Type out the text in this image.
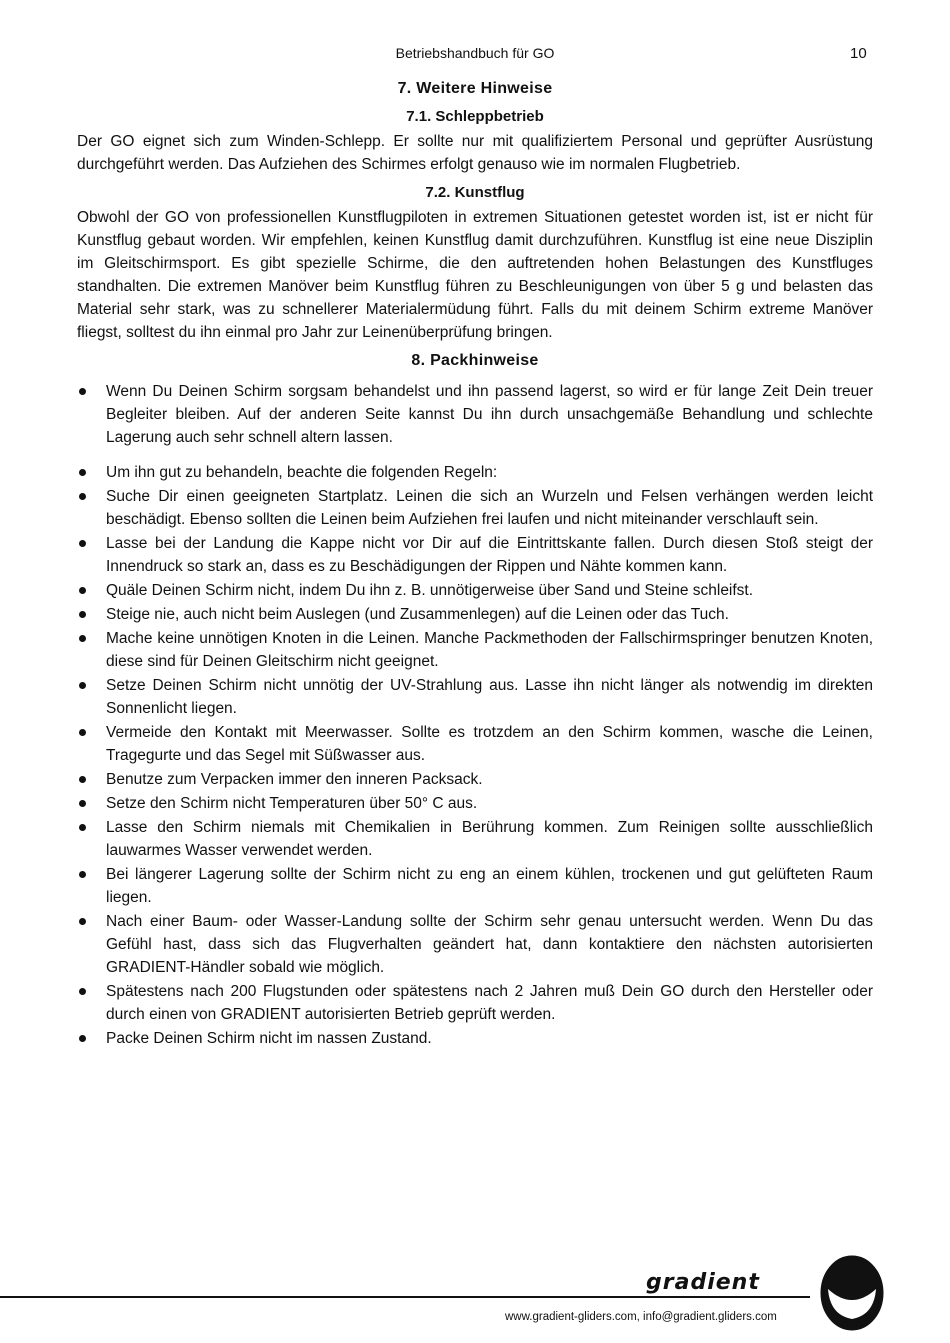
Betriebshandbuch für GO	10
7. Weitere Hinweise
7.1. Schleppbetrieb

Der GO eignet sich zum Winden-Schlepp. Er sollte nur mit qualifiziertem Personal und geprüfter Ausrüstung durchgeführt werden. Das Aufziehen des Schirmes erfolgt genauso wie im normalen Flugbetrieb.

7.2. Kunstflug

Obwohl der GO von professionellen Kunstflugpiloten in extremen Situationen getestet worden ist, ist er nicht für Kunstflug gebaut worden. Wir empfehlen, keinen Kunstflug damit durchzuführen. Kunstflug ist eine neue Disziplin im Gleitschirmsport. Es gibt spezielle Schirme, die den auftretenden hohen Belastungen des Kunstfluges standhalten. Die extremen Manöver beim Kunstflug führen zu Beschleunigungen von über 5 g und belasten das Material sehr stark, was zu schnellerer Materialermüdung führt. Falls du mit deinem Schirm extreme Manöver fliegst, solltest du ihn einmal pro Jahr zur Leinenüberprüfung bringen.

8. Packhinweise
Wenn Du Deinen Schirm sorgsam behandelst und ihn passend lagerst, so wird er für lange Zeit Dein treuer Begleiter bleiben. Auf der anderen Seite kannst Du ihn durch unsachgemäße Behandlung und schlechte Lagerung auch sehr schnell altern lassen.
Um ihn gut zu behandeln, beachte die folgenden Regeln:
Suche Dir einen geeigneten Startplatz. Leinen die sich an Wurzeln und Felsen verhängen werden leicht beschädigt. Ebenso sollten die Leinen beim Aufziehen frei laufen und nicht miteinander verschlauft sein.
Lasse bei der Landung die Kappe nicht vor Dir auf die Eintrittskante fallen. Durch diesen Stoß steigt der Innendruck so stark an, dass es zu Beschädigungen der Rippen und Nähte kommen kann.
Quäle Deinen Schirm nicht, indem Du ihn z. B. unnötigerweise über Sand und Steine schleifst.
Steige nie, auch nicht beim Auslegen (und Zusammenlegen) auf die Leinen oder das Tuch.
Mache keine unnötigen Knoten in die Leinen. Manche Packmethoden der Fallschirmspringer benutzen Knoten, diese sind für Deinen Gleitschirm nicht geeignet.
Setze Deinen Schirm nicht unnötig der UV-Strahlung aus. Lasse ihn nicht länger als notwendig im direkten Sonnenlicht liegen.
Vermeide den Kontakt mit Meerwasser. Sollte es trotzdem an den Schirm kommen, wasche die Leinen, Tragegurte und das Segel mit Süßwasser aus.
Benutze zum Verpacken immer den inneren Packsack.
Setze den Schirm nicht Temperaturen über 50° C aus.
Lasse den Schirm niemals mit Chemikalien in Berührung kommen. Zum Reinigen sollte ausschließlich lauwarmes Wasser verwendet werden.
Bei längerer Lagerung sollte der Schirm nicht zu eng an einem kühlen, trockenen und gut gelüfteten Raum liegen.
Nach einer Baum- oder Wasser-Landung sollte der Schirm sehr genau untersucht werden. Wenn Du das Gefühl hast, dass sich das Flugverhalten geändert hat, dann kontaktiere den nächsten autorisierten GRADIENT-Händler sobald wie möglich.
Spätestens nach 200 Flugstunden oder spätestens nach 2 Jahren muß Dein GO durch den Hersteller oder durch einen von GRADIENT autorisierten Betrieb geprüft werden.
Packe Deinen Schirm nicht im nassen Zustand.
gradient
www.gradient-gliders.com, info@gradient.gliders.com
